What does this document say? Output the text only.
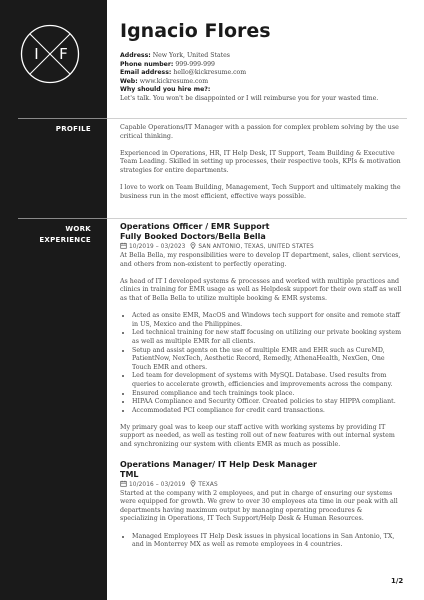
I F
Ignacio Flores
Address: New York, United States
Phone number: 999-999-999
Email address: hello@kickresume.com
Web: www.kickresume.com
Why should you hire me?:
Let's talk. You won't be disappointed or I will reimburse you for your wasted time.
PROFILE	Capable Operations/IT Manager with a passion for complex problem solving by the use critical thinking.

Experienced in Operations, HR, IT Help Desk, IT Support, Team Building & Executive Team Leading. Skilled in setting up processes, their respective tools, KPIs & motivation strategies for entire departments.

I love to work on Team Building, Management, Tech Support and ultimately making the business run in the most efficient, effective ways possible.

WORK
EXPERIENCE
Operations Officer / EMR Support
Fully Booked Doctors/Bella Bella
10/2019 – 03/2023 SAN ANTONIO, TEXAS, UNITED STATES

At Bella Bella, my responsibilities were to develop IT department, sales, client services, and others from non-existent to perfectly operating.

As head of IT I developed systems & processes and worked with multiple practices and clinics in training for EMR usage as well as Helpdesk support for their own staff as well as that of Bella Bella to utilize multiple booking & EMR systems.

• Acted as onsite EMR, MacOS and Windows tech support for onsite and remote staff in US, Mexico and the Philippines.
• Led technical training for new staff focusing on utilizing our private booking system as well as multiple EMR for all clients.
• Setup and assist agents on the use of multiple EMR and EHR such as CureMD, PatientNow, NexTech, Aesthetic Record, Remedly, AthenaHealth, NexGen, One Touch EMR and others.
• Led team for development of systems with MySQL Database. Used results from queries to accelerate growth, efficiencies and improvements across the company.
• Ensured compliance and tech trainings took place.
• HIPAA Compliance and Security Officer. Created policies to stay HIPPA compliant.
• Accommodated PCI compliance for credit card transactions.

My primary goal was to keep our staff active with working systems by providing IT support as needed, as well as testing roll out of new features with out internal system and synchronizing our system with clients EMR as much as possible.

Operations Manager/ IT Help Desk Manager
TML
10/2016 – 03/2019 TEXAS

Started at the company with 2 employees, and put in charge of ensuring our systems were equipped for growth. We grew to over 30 employees ata time in our peak with all departments having maximum output by managing operating procedures & specializing in Operations, IT Tech Support/Help Desk & Human Resources.

• Managed Employees IT Help Desk issues in physical locations in San Antonio, TX, and in Monterrey MX as well as remote employees in 4 countries.
1/2
